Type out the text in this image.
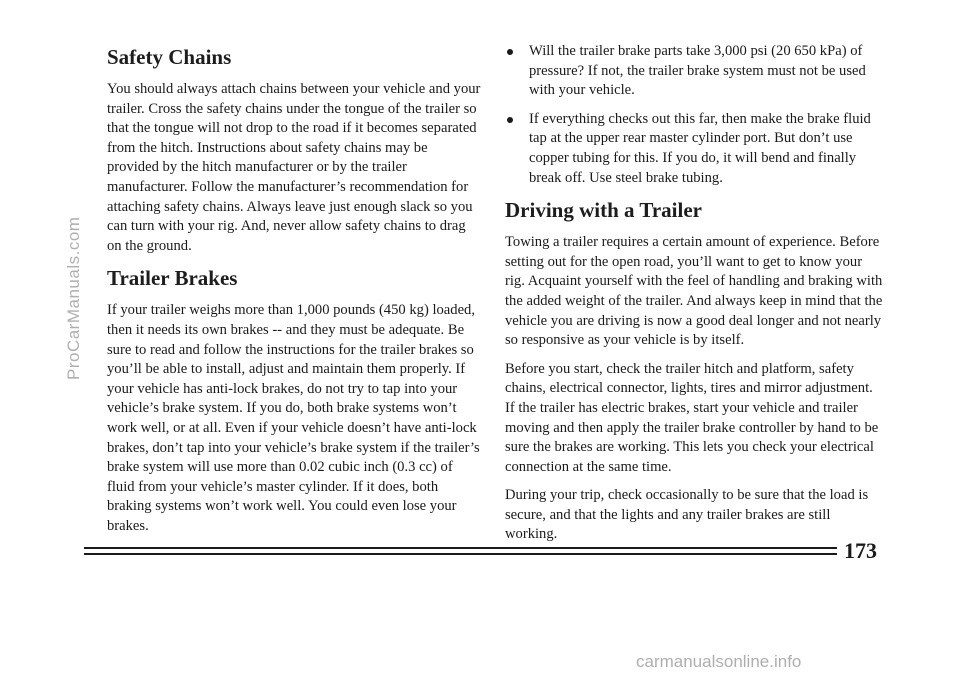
Safety Chains

You should always attach chains between your vehicle and your trailer. Cross the safety chains under the tongue of the trailer so that the tongue will not drop to the road if it becomes separated from the hitch. Instructions about safety chains may be provided by the hitch manufacturer or by the trailer manufacturer. Follow the manufacturer’s recommendation for attaching safety chains. Always leave just enough slack so you can turn with your rig. And, never allow safety chains to drag on the ground.

Trailer Brakes

If your trailer weighs more than 1,000 pounds (450 kg) loaded, then it needs its own brakes -- and they must be adequate. Be sure to read and follow the instructions for the trailer brakes so you’ll be able to install, adjust and maintain them properly. If your vehicle has anti-lock brakes, do not try to tap into your vehicle’s brake system. If you do, both brake systems won’t work well, or at all. Even if your vehicle doesn’t have anti-lock brakes, don’t tap into your vehicle’s brake system if the trailer’s brake system will use more than 0.02 cubic inch (0.3 cc) of fluid from your vehicle’s master cylinder. If it does, both braking systems won’t work well. You could even lose your brakes.

Will the trailer brake parts take 3,000 psi (20 650 kPa) of pressure? If not, the trailer brake system must not be used with your vehicle.
If everything checks out this far, then make the brake fluid tap at the upper rear master cylinder port. But don’t use copper tubing for this. If you do, it will bend and finally break off. Use steel brake tubing.
Driving with a Trailer

Towing a trailer requires a certain amount of experience. Before setting out for the open road, you’ll want to get to know your rig. Acquaint yourself with the feel of handling and braking with the added weight of the trailer. And always keep in mind that the vehicle you are driving is now a good deal longer and not nearly so responsive as your vehicle is by itself.

Before you start, check the trailer hitch and platform, safety chains, electrical connector, lights, tires and mirror adjustment. If the trailer has electric brakes, start your vehicle and trailer moving and then apply the trailer brake controller by hand to be sure the brakes are working. This lets you check your electrical connection at the same time.

During your trip, check occasionally to be sure that the load is secure, and that the lights and any trailer brakes are still working.

173
ProCarManuals.com
carmanualsonline.info
